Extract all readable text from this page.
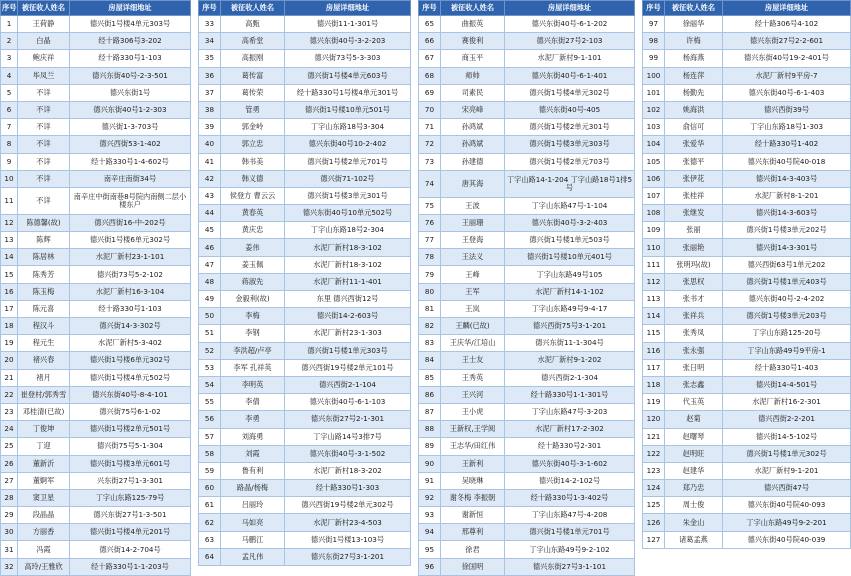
序号	被征收人姓名	房屋详细地址
1	王荷静	德兴街1号楼4单元303号
2	白晶	经十路306号3-202
3	鲍庆祥	经十路330号1-103
4	毕凤兰	德兴东街40号-2-3-501
5	不详	德兴东街1号
6	不详	德兴东街40号1-2-303
7	不详	德兴街1-3-703号
8	不详	德兴西街53-1-402
9	不详	经十路330号1-4-602号
10	不详	南辛庄南街34号
11	不详	南辛庄中街南巷8号院内南侧二层小楼东户
12	陈德馨(故)	德兴西街16-中-202号
13	陈辉	德兴街1号楼6单元302号
14	陈居林	水泥厂新村23-1-101
15	陈秀芳	德兴街73号5-2-102
16	陈玉梅	水泥厂新村16-3-104
17	陈元喜	经十路330号1-103
18	程汉斗	德兴街14-3-302号
19	程元生	水泥厂新村5-3-402
20	褚兴春	德兴街1号楼6单元302号
21	褚月	德兴街1号楼4单元502号
22	崔登村/郭秀雪	德兴东街40号-8-4-101
23	邓桂清(已故)	德兴街75号6-1-02
24	丁俊坤	德兴街1号楼2单元501号
25	丁迎	德兴街75号5-1-304
26	董新沂	德兴街1号楼3单元601号
27	董婀军	兴东街27号1-3-301
28	窦卫星	丁字山东路125-79号
29	段晶晶	德兴东街27号1-3-501
30	方丽香	德兴街1号楼4单元201号
31	冯霞	德兴街14-2-704号
32	高玲/王雅欣	经十路330号1-1-203号
序号	被征收人姓名	房屋详细地址
33	高甄	德兴街11-1-301号
34	高希堂	德兴东街40号-3-2-203
35	高振刚	德兴街73号5-3-303
36	葛传富	德兴街1号楼4单元603号
37	葛传荣	经十路330号1号楼4单元301号
38	管勇	德兴街1号楼10单元501号
39	郭金岭	丁字山东路18号3-304
40	郭立忠	德兴东街40号10-2-402
41	韩书美	德兴街1号楼2单元701号
42	韩义德	德兴街71-102号
43	侯登方 曹云云	德兴街1号楼3单元301号
44	黄春英	德兴东街40号10单元502号
45	黄庆忠	丁字山东路18号2-304
46	姜伟	水泥厂新村18-3-102
47	姜玉佩	水泥厂新村18-3-102
48	蒋淑先	水泥厂新村11-1-401
49	金毅利(故)	东里 德兴西街12号
50	李梅	德兴街14-2-603号
51	李钢	水泥厂新村23-1-303
52	李洪超/卢亭	德兴街1号楼1单元303号
53	李军 孔祥英	德兴西街19号楼2单元101号
54	李明英	德兴西街2-1-104
55	李倩	德兴东街40号-6-1-103
56	李勇	德兴东街27号2-1-301
57	刘海勇	丁字山路14号3排7号
58	刘霞	德兴东街40号-3-1-502
59	鲁有利	水泥厂新村18-3-202
60	路晶/杨梅	经十路330号1-303
61	吕丽玲	德兴西街19号楼2单元302号
62	马如亮	水泥厂新村23-4-503
63	马鹏江	德兴街1号楼13-103号
64	孟凡伟	德兴东街27号3-1-201
序号	被征收人姓名	房屋详细地址
65	曲振英	德兴东街40号-6-1-202
66	赛俊利	德兴东街27号2-103
67	商玉平	水泥厂新村9-1-101
68	师帅	德兴东街40号-6-1-401
69	司素民	德兴街1号楼4单元302号
70	宋亮峰	德兴东街40号-405
71	孙鸿斌	德兴街1号楼2单元301号
72	孙鸿斌	德兴街1号楼3单元303号
73	孙建德	德兴街1号楼2单元703号
74	唐其海	丁字山路14-1-204 丁字山路18号1排5号
75	王波	丁字山东路47号-1-104
76	王丽珊	德兴东街40号-3-2-403
77	王登海	德兴街1号楼1单元503号
78	王法义	德兴街1号楼10单元401号
79	王峰	丁字山东路49号105
80	王军	水泥厂新村14-1-102
81	王岚	丁字山东路49号9-4-17
82	王麟(已故)	德兴西街75号3-1-201
83	王庆华/江培山	德兴东街11-1-304号
84	王士友	水泥厂新村9-1-202
85	王秀英	德兴西街2-1-304
86	王兴河	经十路330号1-1-301号
87	王小虎	丁字山东路47号-3-203
88	王新权,王学阅	水泥厂新村17-2-302
89	王志华/田红伟	经十路330号2-301
90	王新利	德兴东街40号-3-1-602
91	吴晓琳	德兴街14-2-102号
92	谢冬梅 李振朝	经十路330号1-3-402号
93	谢新恒	丁字山东路47号-4-208
94	邢尊利	德兴街1号楼1单元701号
95	徐君	丁字山东路49号9-2-102
96	徐国明	德兴东街27号3-1-101
序号	被征收人姓名	房屋详细地址
97	徐丽华	经十路306号4-102
98	许梅	德兴东街27号2-2-601
99	杨海燕	德兴东街40号19-2-401号
100	杨连萍	水泥厂新村9平房-7
101	杨勤先	德兴东街40号-6-1-403
102	姚海洪	德兴西街39号
103	俞信可	丁字山东路18号1-303
104	张爱华	经十路330号1-402
105	张德平	德兴东街40号院40-018
106	张伊花	德兴街14-3-403号
107	张桂祥	水泥厂新村8-1-201
108	张继发	德兴街14-3-603号
109	张丽	德兴街1号楼3单元202号
110	张丽艳	德兴街14-3-301号
111	张明玛(故)	德兴西街63号1单元202
112	张思权	德兴街1号楼1单元403号
113	张书才	德兴东街40号-2-4-202
114	张祥兵	德兴街1号楼3单元203号
115	张秀凤	丁字山东路125-20号
116	张永强	丁字山东路49号9平房-1
117	张日明	经十路330号1-403
118	张志鑫	德兴街14-4-501号
119	代玉英	水泥厂新村16-2-301
120	赵菊	德兴西街2-2-201
121	赵曙琴	德兴街14-5-102号
122	赵明旺	德兴街1号楼1单元302号
123	赵建华	水泥厂新村9-1-201
124	郑乃忠	德兴西街47号
125	周士俊	德兴东街40号院40-093
126	朱金山	丁字山东路49号9-2-201
127	诸葛孟燕	德兴东街40号院40-039
